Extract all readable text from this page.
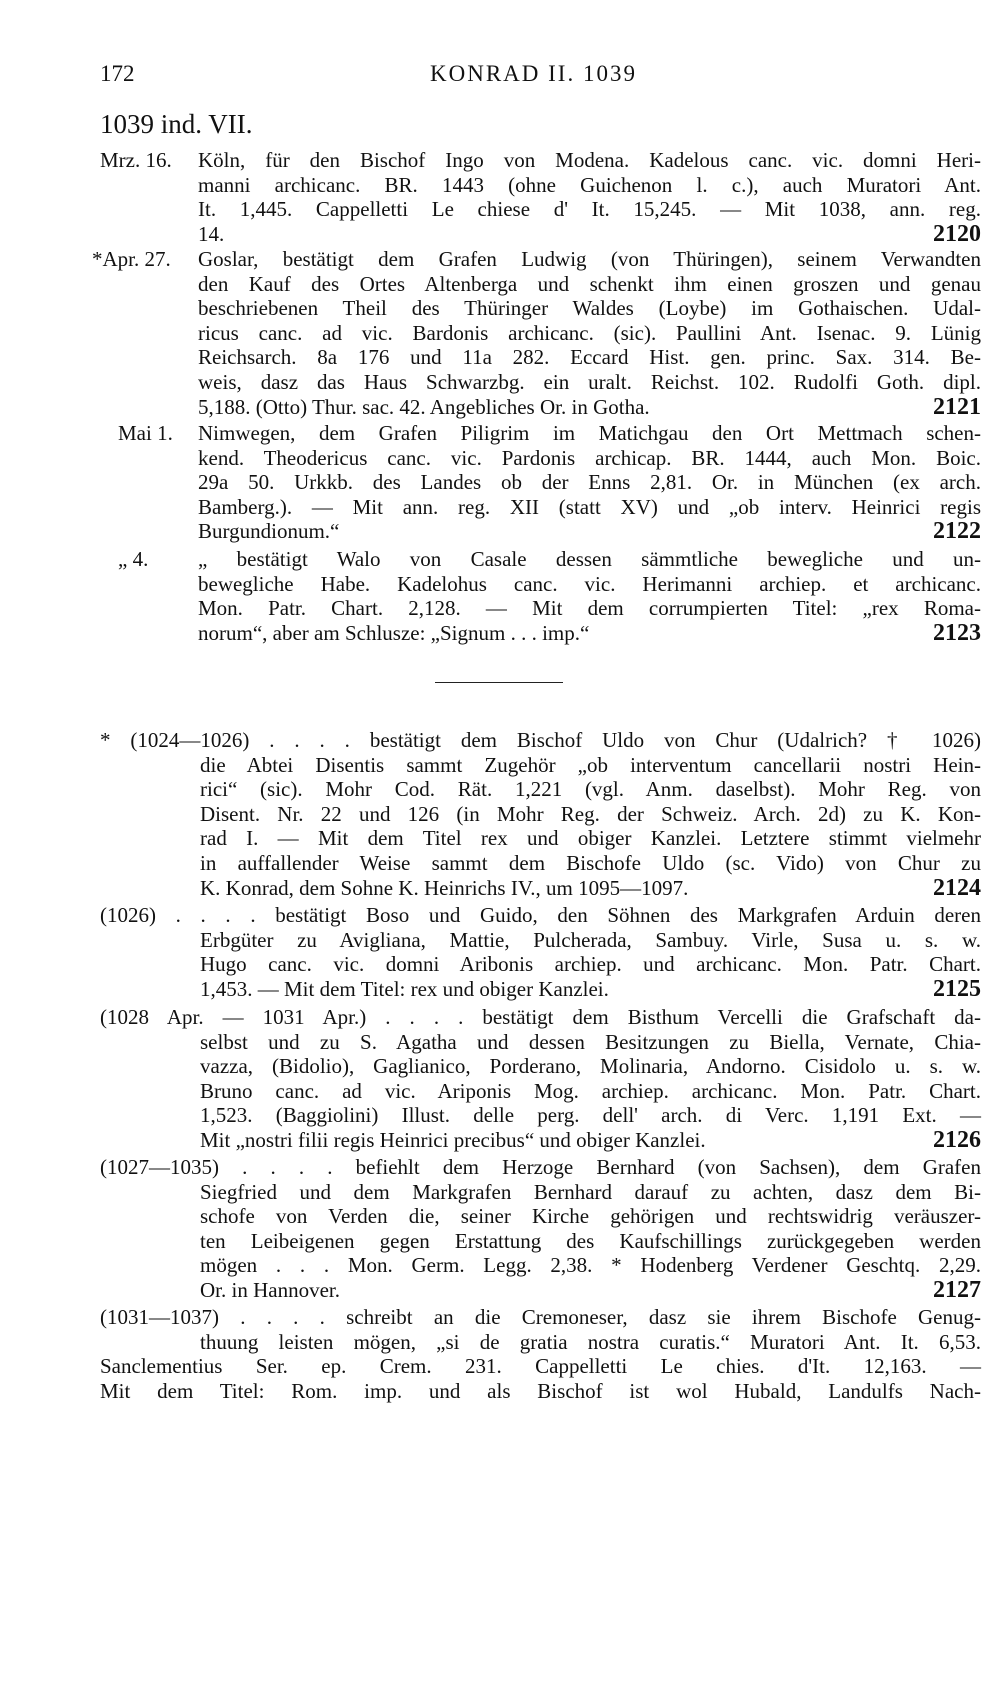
172	KONRAD II. 1039
1039 ind. VII.
Mrz. 16.	Köln, für den Bischof Ingo von Modena. Kadelous canc. vic. domni Heri-
manni archicanc. BR. 1443 (ohne Guichenon l. c.), auch Muratori Ant.
It. 1,445. Cappelletti Le chiese d' It. 15,245. — Mit 1038, ann. reg.
14.	2120
*Apr. 27.	Goslar, bestätigt dem Grafen Ludwig (von Thüringen), seinem Verwandten
den Kauf des Ortes Altenberga und schenkt ihm einen groszen und genau
beschriebenen Theil des Thüringer Waldes (Loybe) im Gothaischen. Udal-
ricus canc. ad vic. Bardonis archicanc. (sic). Paullini Ant. Isenac. 9. Lünig
Reichsarch. 8a 176 und 11a 282. Eccard Hist. gen. princ. Sax. 314. Be-
weis, dasz das Haus Schwarzbg. ein uralt. Reichst. 102. Rudolfi Goth. dipl.
5,188. (Otto) Thur. sac. 42. Angebliches Or. in Gotha.	2121
Mai 1.	Nimwegen, dem Grafen Piligrim im Matichgau den Ort Mettmach schen-
kend. Theodericus canc. vic. Pardonis archicap. BR. 1444, auch Mon. Boic.
29a 50. Urkkb. des Landes ob der Enns 2,81. Or. in München (ex arch.
Bamberg.). — Mit ann. reg. XII (statt XV) und „ob interv. Heinrici regis
Burgundionum.“	2122
„ 4.	„ bestätigt Walo von Casale dessen sämmtliche bewegliche und un-
bewegliche Habe. Kadelohus canc. vic. Herimanni archiep. et archicanc.
Mon. Patr. Chart. 2,128. — Mit dem corrumpierten Titel: „rex Roma-
norum“, aber am Schlusze: „Signum . . . imp.“	2123
* (1024—1026) . . . . bestätigt dem Bischof Uldo von Chur (Udalrich? † 1026)
die Abtei Disentis sammt Zugehör „ob interventum cancellarii nostri Hein-
rici“ (sic). Mohr Cod. Rät. 1,221 (vgl. Anm. daselbst). Mohr Reg. von
Disent. Nr. 22 und 126 (in Mohr Reg. der Schweiz. Arch. 2d) zu K. Kon-
rad I. — Mit dem Titel rex und obiger Kanzlei. Letztere stimmt vielmehr
in auffallender Weise sammt dem Bischofe Uldo (sc. Vido) von Chur zu
K. Konrad, dem Sohne K. Heinrichs IV., um 1095—1097.	2124
(1026) . . . . bestätigt Boso und Guido, den Söhnen des Markgrafen Arduin deren
Erbgüter zu Avigliana, Mattie, Pulcherada, Sambuy. Virle, Susa u. s. w.
Hugo canc. vic. domni Aribonis archiep. und archicanc. Mon. Patr. Chart.
1,453. — Mit dem Titel: rex und obiger Kanzlei.	2125
(1028 Apr. — 1031 Apr.) . . . . bestätigt dem Bisthum Vercelli die Grafschaft da-
selbst und zu S. Agatha und dessen Besitzungen zu Biella, Vernate, Chia-
vazza, (Bidolio), Gaglianico, Porderano, Molinaria, Andorno. Cisidolo u. s. w.
Bruno canc. ad vic. Ariponis Mog. archiep. archicanc. Mon. Patr. Chart.
1,523. (Baggiolini) Illust. delle perg. dell' arch. di Verc. 1,191 Ext. —
Mit „nostri filii regis Heinrici precibus“ und obiger Kanzlei.	2126
(1027—1035) . . . . befiehlt dem Herzoge Bernhard (von Sachsen), dem Grafen
Siegfried und dem Markgrafen Bernhard darauf zu achten, dasz dem Bi-
schofe von Verden die, seiner Kirche gehörigen und rechtswidrig veräuszer-
ten Leibeigenen gegen Erstattung des Kaufschillings zurückgegeben werden
mögen . . . Mon. Germ. Legg. 2,38. * Hodenberg Verdener Geschtq. 2,29.
Or. in Hannover.	2127
(1031—1037) . . . . schreibt an die Cremoneser, dasz sie ihrem Bischofe Genug-
thuung leisten mögen, „si de gratia nostra curatis.“ Muratori Ant. It. 6,53.
Sanclementius Ser. ep. Crem. 231. Cappelletti Le chies. d'It. 12,163. —
Mit dem Titel: Rom. imp. und als Bischof ist wol Hubald, Landulfs Nach-
